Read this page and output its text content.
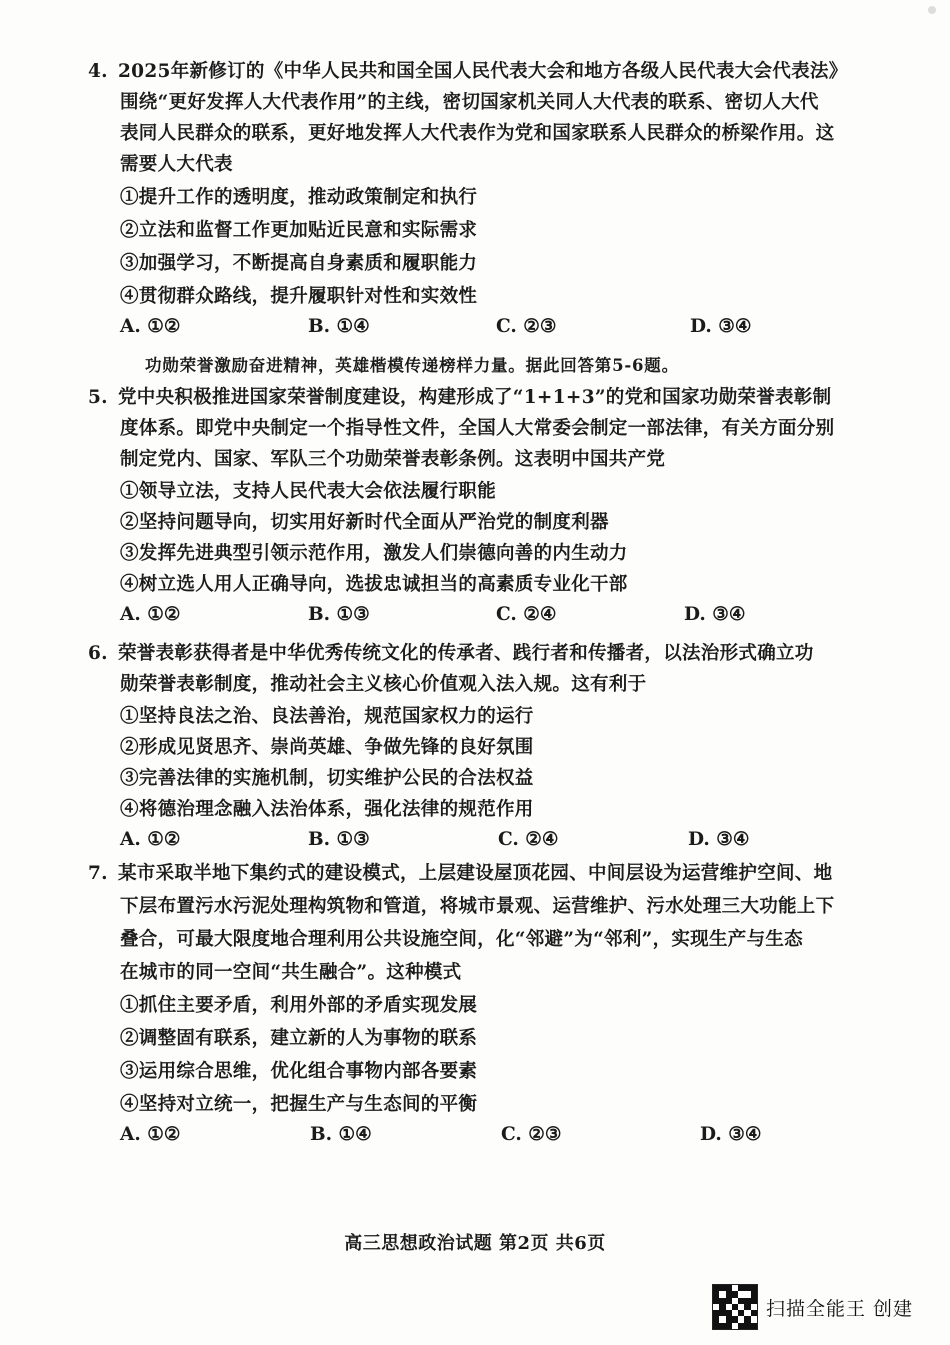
4. 2025年新修订的《中华人民共和国全国人民代表大会和地方各级人民代表大会代表法》
围绕“更好发挥人大代表作用”的主线，密切国家机关同人大代表的联系、密切人大代
表同人民群众的联系，更好地发挥人大代表作为党和国家联系人民群众的桥梁作用。这
需要人大代表
①提升工作的透明度，推动政策制定和执行
②立法和监督工作更加贴近民意和实际需求
③加强学习，不断提高自身素质和履职能力
④贯彻群众路线，提升履职针对性和实效性
A. ①②	B. ①④	C. ②③	D. ③④
功勋荣誉激励奋进精神，英雄楷模传递榜样力量。据此回答第5-6题。
5. 党中央积极推进国家荣誉制度建设，构建形成了“1+1+3”的党和国家功勋荣誉表彰制
度体系。即党中央制定一个指导性文件，全国人大常委会制定一部法律，有关方面分别
制定党内、国家、军队三个功勋荣誉表彰条例。这表明中国共产党
①领导立法，支持人民代表大会依法履行职能
②坚持问题导向，切实用好新时代全面从严治党的制度利器
③发挥先进典型引领示范作用，激发人们崇德向善的内生动力
④树立选人用人正确导向，选拔忠诚担当的高素质专业化干部
A. ①②	B. ①③	C. ②④	D. ③④
6. 荣誉表彰获得者是中华优秀传统文化的传承者、践行者和传播者，以法治形式确立功
勋荣誉表彰制度，推动社会主义核心价值观入法入规。这有利于
①坚持良法之治、良法善治，规范国家权力的运行
②形成见贤思齐、崇尚英雄、争做先锋的良好氛围
③完善法律的实施机制，切实维护公民的合法权益
④将德治理念融入法治体系，强化法律的规范作用
A. ①②	B. ①③	C. ②④	D. ③④
7. 某市采取半地下集约式的建设模式，上层建设屋顶花园、中间层设为运营维护空间、地
下层布置污水污泥处理构筑物和管道，将城市景观、运营维护、污水处理三大功能上下
叠合，可最大限度地合理利用公共设施空间，化“邻避”为“邻利”，实现生产与生态
在城市的同一空间“共生融合”。这种模式
①抓住主要矛盾，利用外部的矛盾实现发展
②调整固有联系，建立新的人为事物的联系
③运用综合思维，优化组合事物内部各要素
④坚持对立统一，把握生产与生态间的平衡
A. ①②	B. ①④	C. ②③	D. ③④
高三思想政治试题 第2页 共6页
扫描全能王 创建
